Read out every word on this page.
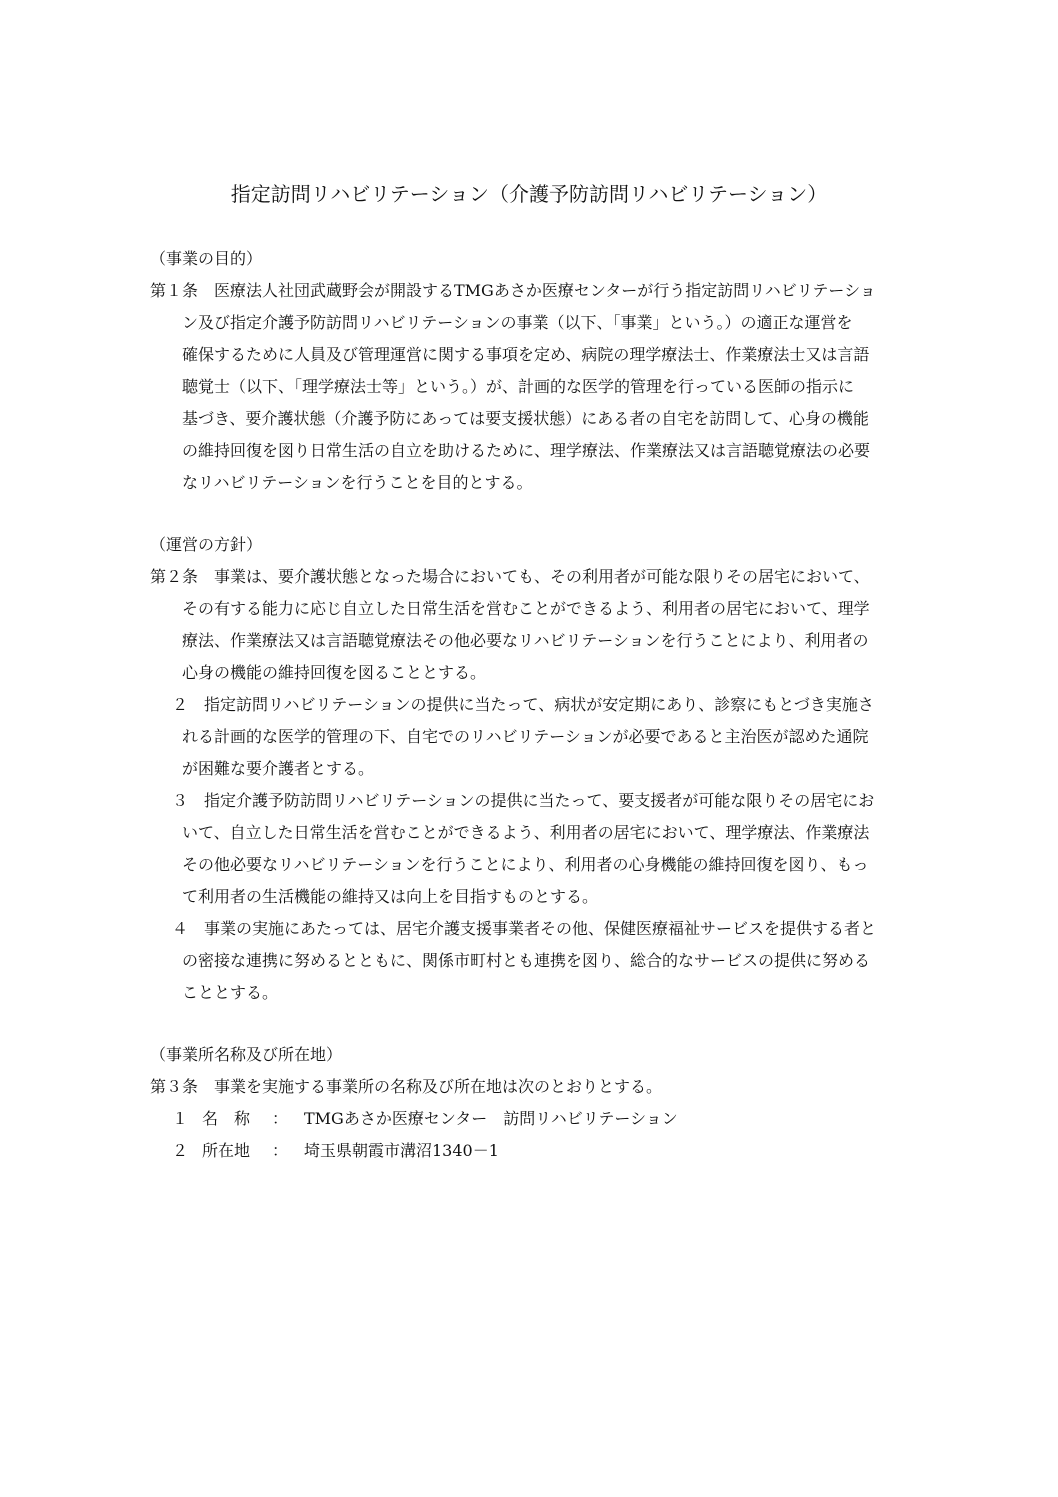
指定訪問リハビリテーション（介護予防訪問リハビリテーション）
（事業の目的）
第１条　医療法人社団武蔵野会が開設するTMGあさか医療センターが行う指定訪問リハビリテーショ
ン及び指定介護予防訪問リハビリテーションの事業（以下、「事業」という。）の適正な運営を
確保するために人員及び管理運営に関する事項を定め、病院の理学療法士、作業療法士又は言語
聴覚士（以下、「理学療法士等」という。）が、計画的な医学的管理を行っている医師の指示に
基づき、要介護状態（介護予防にあっては要支援状態）にある者の自宅を訪問して、心身の機能
の維持回復を図り日常生活の自立を助けるために、理学療法、作業療法又は言語聴覚療法の必要
なリハビリテーションを行うことを目的とする。
（運営の方針）
第２条　事業は、要介護状態となった場合においても、その利用者が可能な限りその居宅において、
その有する能力に応じ自立した日常生活を営むことができるよう、利用者の居宅において、理学
療法、作業療法又は言語聴覚療法その他必要なリハビリテーションを行うことにより、利用者の
心身の機能の維持回復を図ることとする。
２　指定訪問リハビリテーションの提供に当たって、病状が安定期にあり、診察にもとづき実施さ
れる計画的な医学的管理の下、自宅でのリハビリテーションが必要であると主治医が認めた通院
が困難な要介護者とする。
３　指定介護予防訪問リハビリテーションの提供に当たって、要支援者が可能な限りその居宅にお
いて、自立した日常生活を営むことができるよう、利用者の居宅において、理学療法、作業療法
その他必要なリハビリテーションを行うことにより、利用者の心身機能の維持回復を図り、もっ
て利用者の生活機能の維持又は向上を目指すものとする。
４　事業の実施にあたっては、居宅介護支援事業者その他、保健医療福祉サービスを提供する者と
の密接な連携に努めるとともに、関係市町村とも連携を図り、総合的なサービスの提供に努める
こととする。
（事業所名称及び所在地）
第３条　事業を実施する事業所の名称及び所在地は次のとおりとする。
１ 名　称 ： TMGあさか医療センター　訪問リハビリテーション
２ 所在地 ： 埼玉県朝霞市溝沼1340－1
